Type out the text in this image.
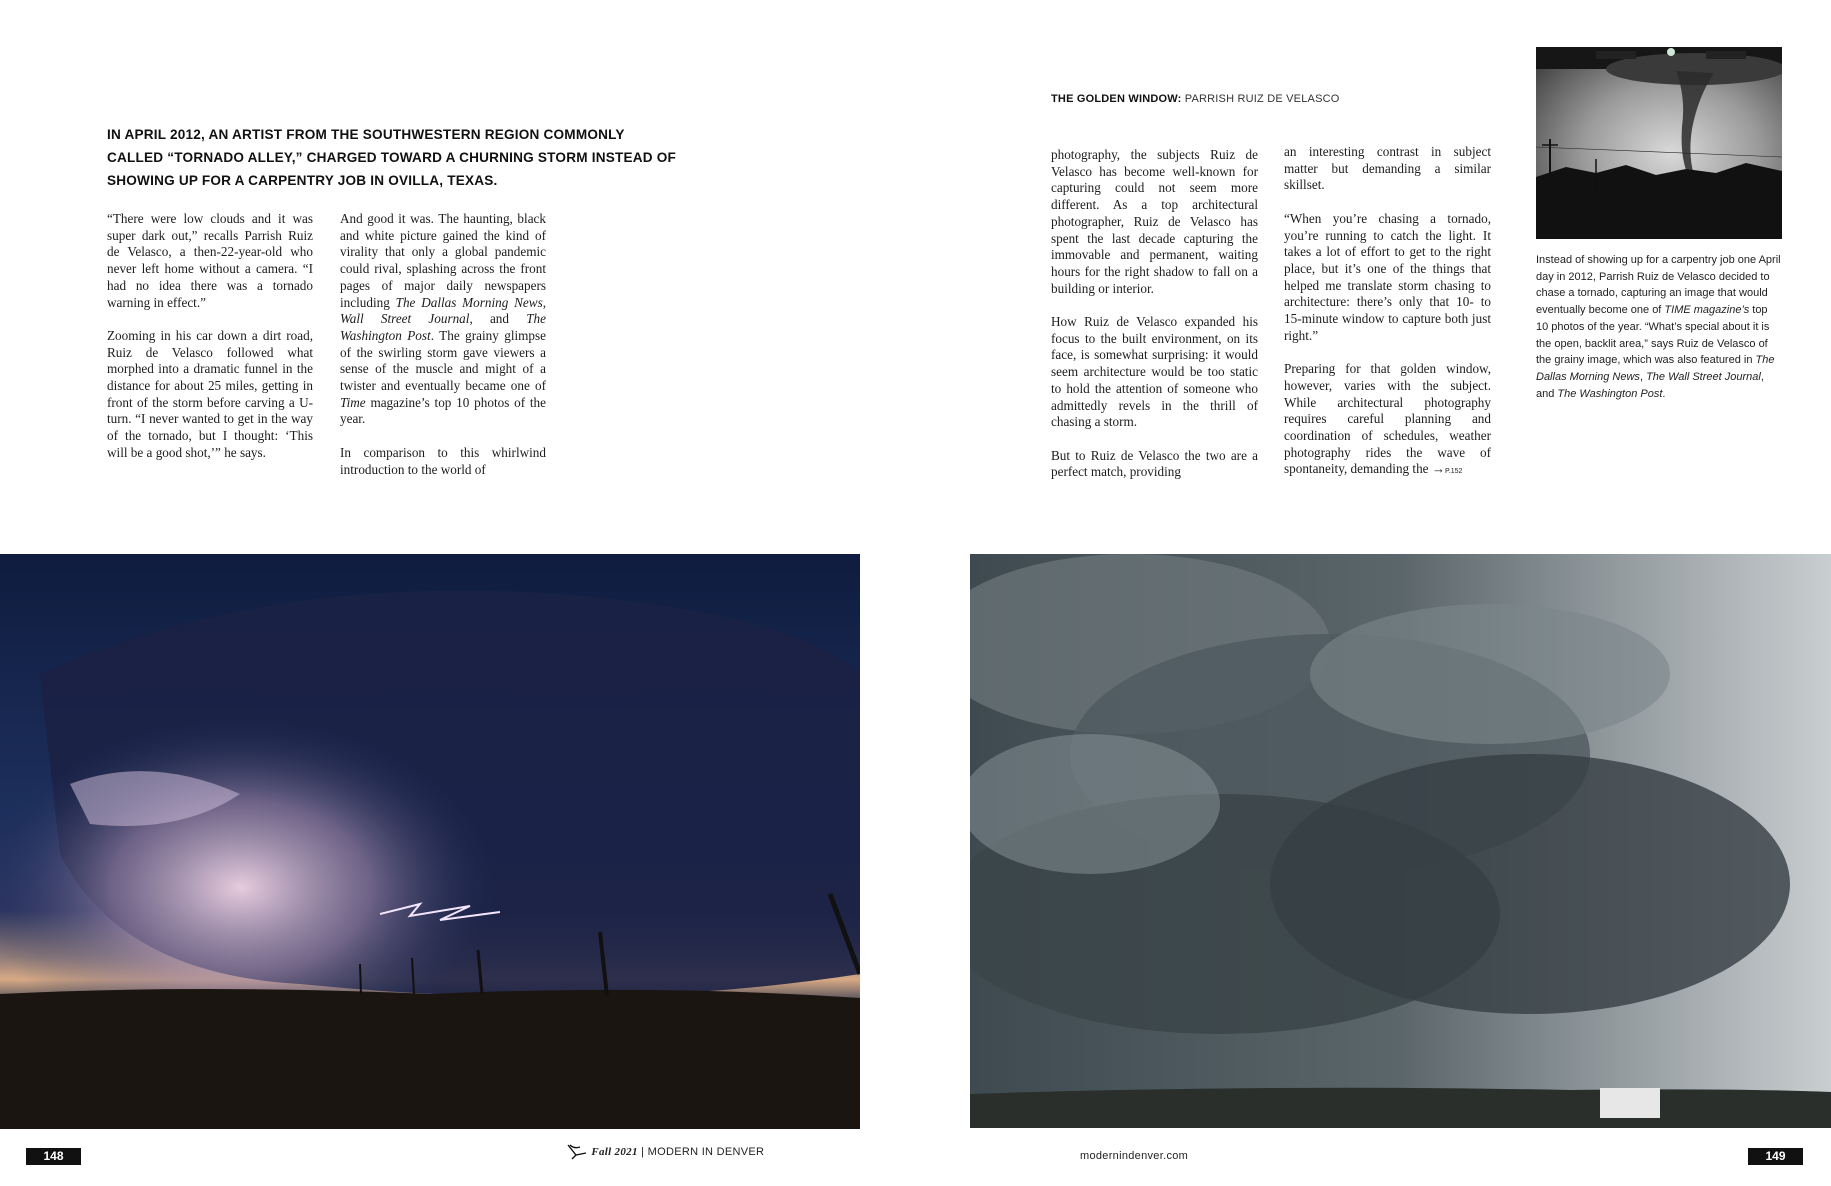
IN APRIL 2012, AN ARTIST FROM THE SOUTHWESTERN REGION COMMONLY CALLED “TORNADO ALLEY,” CHARGED TOWARD A CHURNING STORM INSTEAD OF SHOWING UP FOR A CARPENTRY JOB IN OVILLA, TEXAS.

“There were low clouds and it was super dark out,” recalls Parrish Ruiz de Velasco, a then-22-year-old who never left home without a camera. “I had no idea there was a tornado warning in effect.”

Zooming in his car down a dirt road, Ruiz de Velasco followed what morphed into a dramatic funnel in the distance for about 25 miles, getting in front of the storm before carving a U-turn. “I never wanted to get in the way of the tornado, but I thought: ‘This will be a good shot,’” he says.

And good it was. The haunting, black and white picture gained the kind of virality that only a global pandemic could rival, splashing across the front pages of major daily newspapers including The Dallas Morning News, Wall Street Journal, and The Washington Post. The grainy glimpse of the swirling storm gave viewers a sense of the muscle and might of a twister and eventually became one of Time magazine’s top 10 photos of the year.

In comparison to this whirlwind introduction to the world of

THE GOLDEN WINDOW: PARRISH RUIZ DE VELASCO

photography, the subjects Ruiz de Velasco has become well-known for capturing could not seem more different. As a top architectural photographer, Ruiz de Velasco has spent the last decade capturing the immovable and permanent, waiting hours for the right shadow to fall on a building or interior.

How Ruiz de Velasco expanded his focus to the built environment, on its face, is somewhat surprising: it would seem architecture would be too static to hold the attention of someone who admittedly revels in the thrill of chasing a storm.

But to Ruiz de Velasco the two are a perfect match, providing

an interesting contrast in subject matter but demanding a similar skillset.

“When you’re chasing a tornado, you’re running to catch the light. It takes a lot of effort to get to the right place, but it’s one of the things that helped me translate storm chasing to architecture: there’s only that 10- to 15-minute window to capture both just right.”

Preparing for that golden window, however, varies with the subject. While architectural photography requires careful planning and coordination of schedules, weather photography rides the wave of spontaneity, demanding the →P.152

Instead of showing up for a carpentry job one April day in 2012, Parrish Ruiz de Velasco decided to chase a tornado, capturing an image that would eventually become one of TIME magazine’s top 10 photos of the year. “What’s special about it is the open, backlit area,” says Ruiz de Velasco of the grainy image, which was also featured in The Dallas Morning News, The Wall Street Journal, and The Washington Post.
148	Fall 2021 | MODERN IN DENVER	modernindenver.com	149
